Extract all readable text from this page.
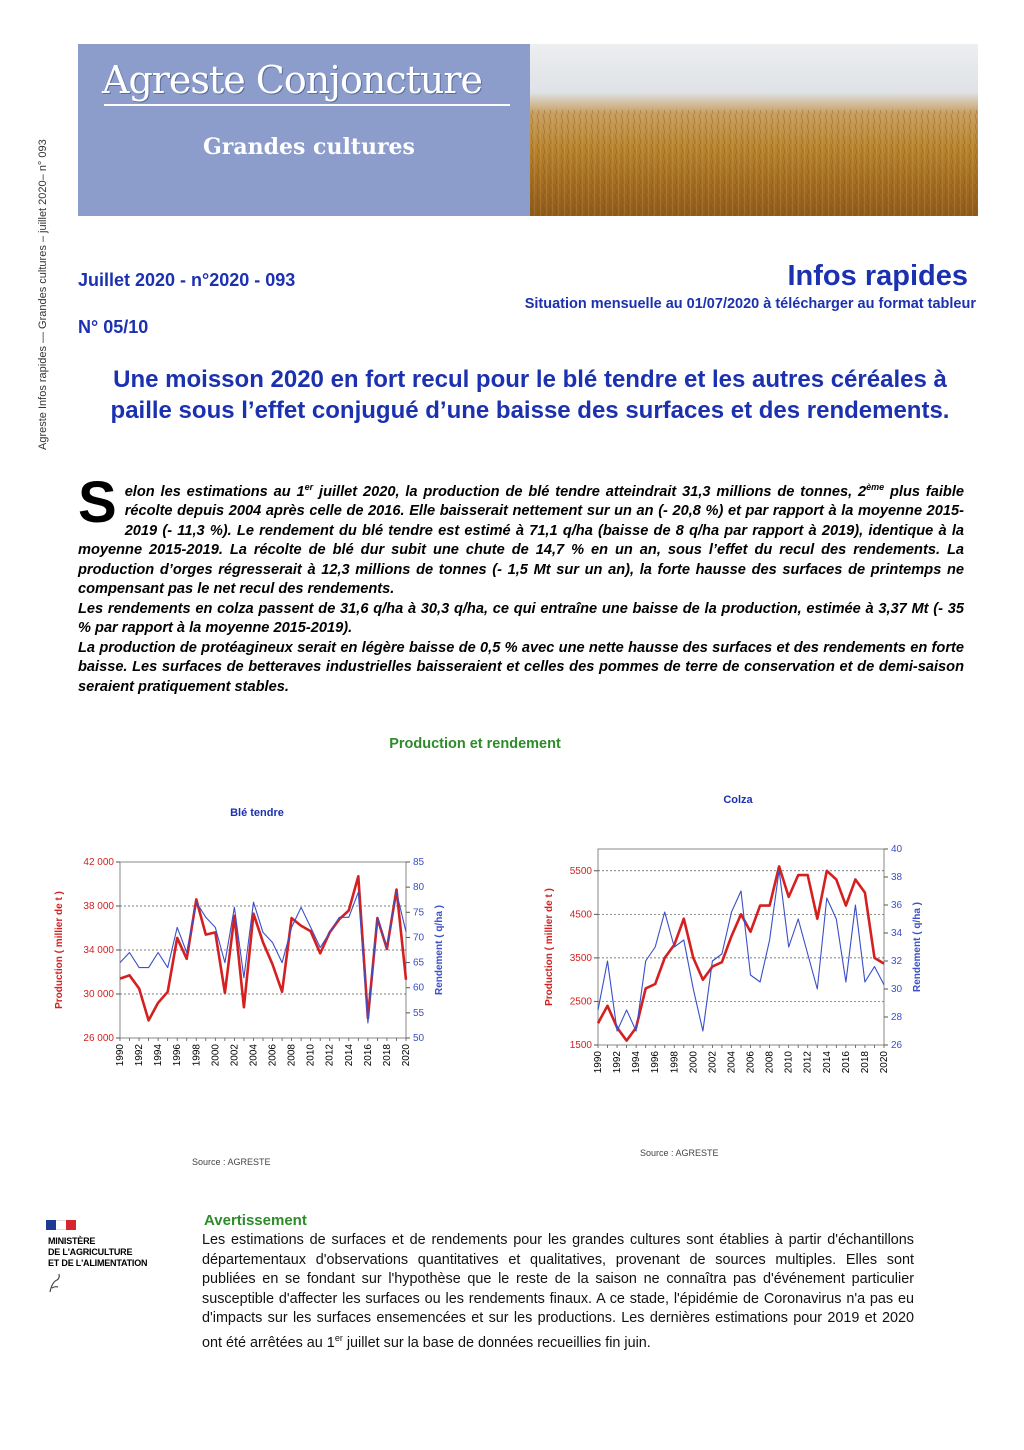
Agreste Infos rapides — Grandes cultures – juillet 2020– n° 093
Agreste Conjoncture
Grandes cultures
Juillet 2020 - n°2020 - 093
N° 05/10
Infos rapides
Situation mensuelle au 01/07/2020 à télécharger au format tableur
Une moisson 2020 en fort recul pour le blé tendre et les autres céréales à paille sous l’effet conjugué d’une baisse des surfaces et des rendements.

Selon les estimations au 1er juillet 2020, la production de blé tendre atteindrait 31,3 millions de tonnes, 2ème plus faible récolte depuis 2004 après celle de 2016. Elle baisserait nettement sur un an (- 20,8 %) et par rapport à la moyenne 2015-2019 (- 11,3 %). Le rendement du blé tendre est estimé à 71,1 q/ha (baisse de 8 q/ha par rapport à 2019), identique à la moyenne 2015-2019. La récolte de blé dur subit une chute de 14,7 % en un an, sous l’effet du recul des rendements. La production d’orges régresserait à 12,3 millions de tonnes (- 1,5 Mt sur un an), la forte hausse des surfaces de printemps ne compensant pas le net recul des rendements.

Les rendements en colza passent de 31,6 q/ha à 30,3 q/ha, ce qui entraîne une baisse de la production, estimée à 3,37 Mt (- 35 % par rapport à la moyenne 2015-2019).

La production de protéagineux serait en légère baisse de 0,5 % avec une nette hausse des surfaces et des rendements en forte baisse. Les surfaces de betteraves industrielles baisseraient et celles des pommes de terre de conservation et de demi-saison seraient pratiquement stables.

Production et rendement
Blé tendre
26 000
30 000
34 000
38 000
42 000
50
55
60
65
70
75
80
85
1990 1992 1994 1996 1998 2000 2002 2004 2006 2008 2010 2012 2014 2016 2018 2020
Production ( millier de t )	Rendement ( q/ha )
Colza
1500
2500
3500
4500
5500
26
28
30
32
34
36
38
40
1990 1992 1994 1996 1998 2000 2002 2004 2006 2008 2010 2012 2014 2016 2018 2020
Production ( millier de t )	Rendement ( q/ha )
Source : AGRESTE
Source : AGRESTE
MINISTÈRE
DE L'AGRICULTURE
ET DE L'ALIMENTATION
Avertissement
Les estimations de surfaces et de rendements pour les grandes cultures sont établies à partir d'échantillons départementaux d'observations quantitatives et qualitatives, provenant de sources multiples. Elles sont publiées en se fondant sur l'hypothèse que le reste de la saison ne connaîtra pas d'événement particulier susceptible d'affecter les surfaces ou les rendements finaux. A ce stade, l'épidémie de Coronavirus n'a pas eu d'impacts sur les surfaces ensemencées et sur les productions. Les dernières estimations pour 2019 et 2020 ont été arrêtées au 1er juillet sur la base de données recueillies fin juin.
